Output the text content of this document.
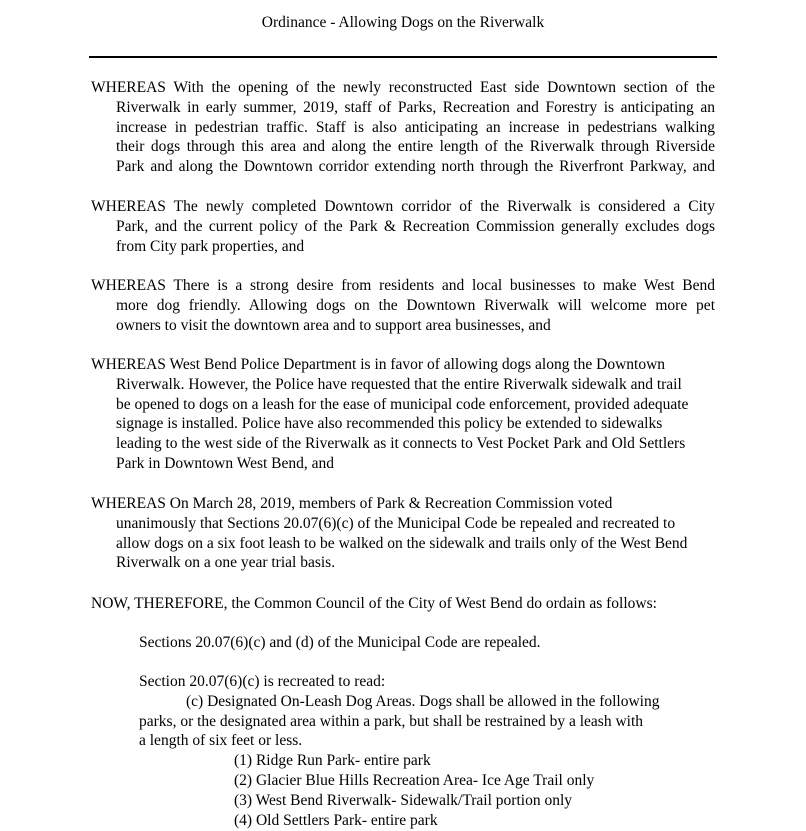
Ordinance - Allowing Dogs on the Riverwalk
WHEREAS With the opening of the newly reconstructed East side Downtown section of the
Riverwalk in early summer, 2019, staff of Parks, Recreation and Forestry is anticipating an
increase in pedestrian traffic. Staff is also anticipating an increase in pedestrians walking
their dogs through this area and along the entire length of the Riverwalk through Riverside
Park and along the Downtown corridor extending north through the Riverfront Parkway, and
WHEREAS The newly completed Downtown corridor of the Riverwalk is considered a City
Park, and the current policy of the Park & Recreation Commission generally excludes dogs
from City park properties, and
WHEREAS There is a strong desire from residents and local businesses to make West Bend
more dog friendly. Allowing dogs on the Downtown Riverwalk will welcome more pet
owners to visit the downtown area and to support area businesses, and
WHEREAS West Bend Police Department is in favor of allowing dogs along the Downtown
Riverwalk. However, the Police have requested that the entire Riverwalk sidewalk and trail
be opened to dogs on a leash for the ease of municipal code enforcement, provided adequate
signage is installed. Police have also recommended this policy be extended to sidewalks
leading to the west side of the Riverwalk as it connects to Vest Pocket Park and Old Settlers
Park in Downtown West Bend, and
WHEREAS On March 28, 2019, members of Park & Recreation Commission voted
unanimously that Sections 20.07(6)(c) of the Municipal Code be repealed and recreated to
allow dogs on a six foot leash to be walked on the sidewalk and trails only of the West Bend
Riverwalk on a one year trial basis.
NOW, THEREFORE, the Common Council of the City of West Bend do ordain as follows:
Sections 20.07(6)(c) and (d) of the Municipal Code are repealed.
Section 20.07(6)(c) is recreated to read:
(c) Designated On-Leash Dog Areas. Dogs shall be allowed in the following
parks, or the designated area within a park, but shall be restrained by a leash with
a length of six feet or less.
(1) Ridge Run Park- entire park
(2) Glacier Blue Hills Recreation Area- Ice Age Trail only
(3) West Bend Riverwalk- Sidewalk/Trail portion only
(4) Old Settlers Park- entire park
